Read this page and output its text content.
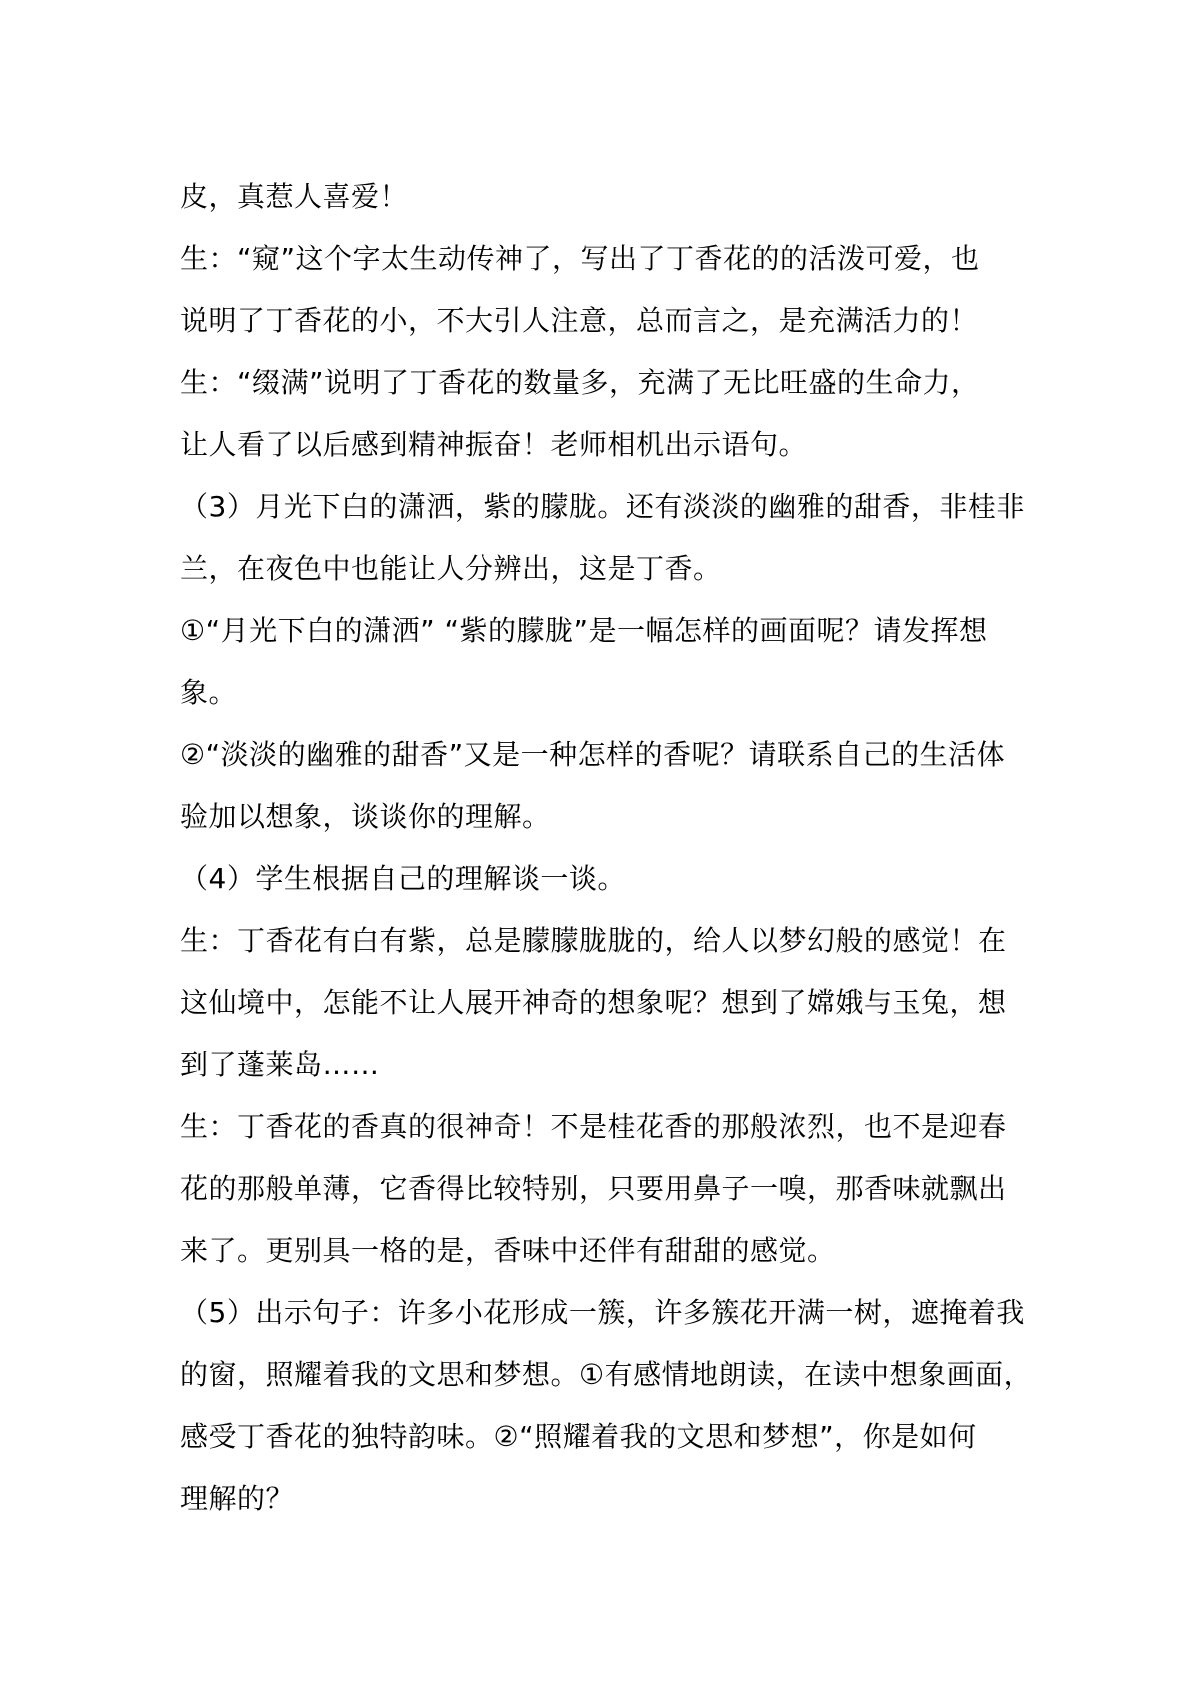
皮，真惹人喜爱！
生：“窥”这个字太生动传神了，写出了丁香花的的活泼可爱，也
说明了丁香花的小，不大引人注意，总而言之，是充满活力的！
生：“缀满”说明了丁香花的数量多，充满了无比旺盛的生命力，
让人看了以后感到精神振奋！老师相机出示语句。
（3）月光下白的潇洒，紫的朦胧。还有淡淡的幽雅的甜香，非桂非
兰，在夜色中也能让人分辨出，这是丁香。
①“月光下白的潇洒” “紫的朦胧”是一幅怎样的画面呢？请发挥想
象。
②“淡淡的幽雅的甜香”又是一种怎样的香呢？请联系自己的生活体
验加以想象，谈谈你的理解。
（4）学生根据自己的理解谈一谈。
生：丁香花有白有紫，总是朦朦胧胧的，给人以梦幻般的感觉！在
这仙境中，怎能不让人展开神奇的想象呢？想到了嫦娥与玉兔，想
到了蓬莱岛……
生：丁香花的香真的很神奇！不是桂花香的那般浓烈，也不是迎春
花的那般单薄，它香得比较特别，只要用鼻子一嗅，那香味就飘出
来了。更别具一格的是，香味中还伴有甜甜的感觉。
（5）出示句子：许多小花形成一簇，许多簇花开满一树，遮掩着我
的窗，照耀着我的文思和梦想。①有感情地朗读，在读中想象画面，
感受丁香花的独特韵味。②“照耀着我的文思和梦想”，你是如何
理解的？
